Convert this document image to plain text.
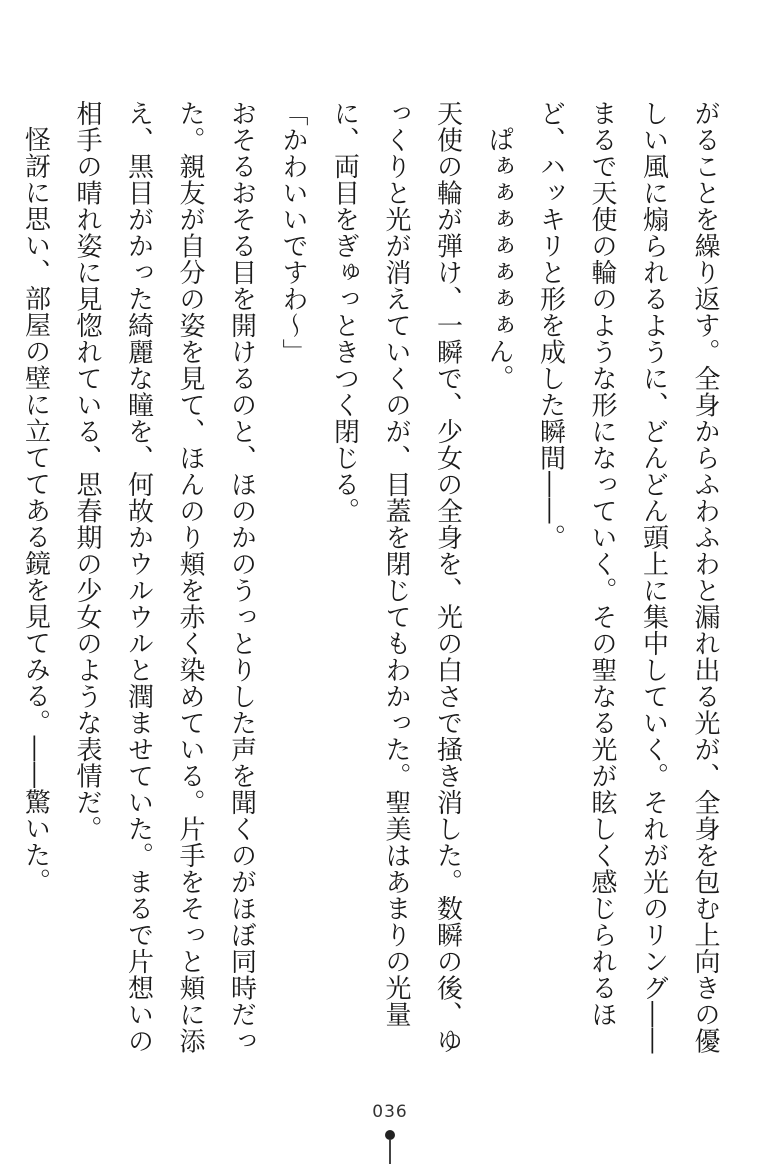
がることを繰り返す。全身からふわふわと漏れ出る光が、全身を包む上向きの優しい風に煽られるように、どんどん頭上に集中していく。それが光のリング――まるで天使の輪のような形になっていく。その聖なる光が眩しく感じられるほど、ハッキリと形を成した瞬間――。

ぱぁぁぁぁぁぁぁん。

天使の輪が弾け、一瞬で、少女の全身を、光の白さで掻き消した。数瞬の後、ゆっくりと光が消えていくのが、目蓋を閉じてもわかった。聖美はあまりの光量に、両目をぎゅっときつく閉じる。

「かわいいですわ～」

おそるおそる目を開けるのと、ほのかのうっとりした声を聞くのがほぼ同時だった。親友が自分の姿を見て、ほんのり頬を赤く染めている。片手をそっと頬に添え、黒目がかった綺麗な瞳を、何故かウルウルと潤ませていた。まるで片想いの相手の晴れ姿に見惚れている、思春期の少女のような表情だ。

怪訝に思い、部屋の壁に立ててある鏡を見てみる。――驚いた。

036
